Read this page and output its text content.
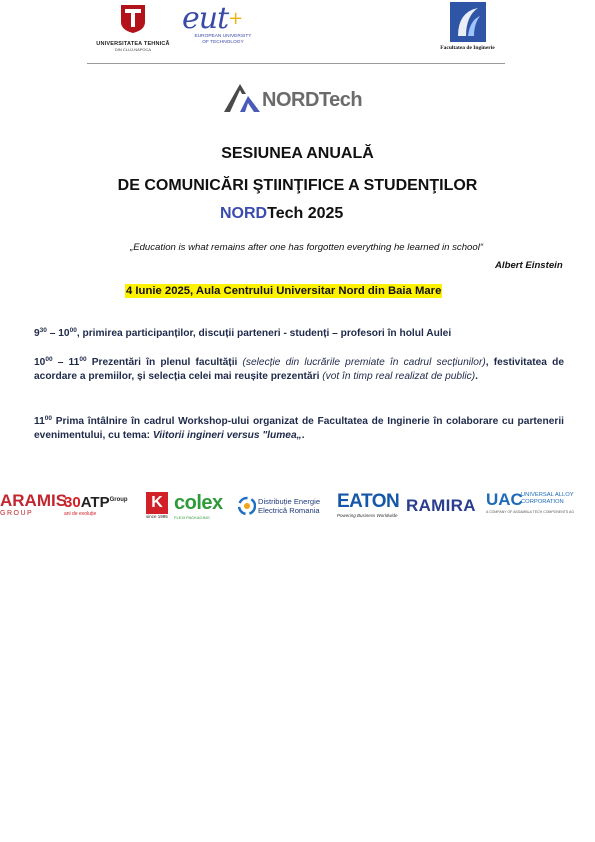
UNIVERSITATEA TEHNICĂ
DIN CLUJ-NAPOCA
eut+
EUROPEAN UNIVERSITY
OF TECHNOLOGY
Facultatea de Inginerie
NORDTech
SESIUNEA ANUALĂ
DE COMUNICĂRI ŞTIINŢIFICE A STUDENŢILOR
NORDTech 2025
„Education is what remains after one has forgotten everything he learned in school“
Albert Einstein
4 Iunie 2025, Aula Centrului Universitar Nord din Baia Mare
$9^{30} - 10^{00}$, primirea participanților, discuții parteneri - studenți – profesori în holul Aulei
$10^{00} - 11^{00}$ Prezentări în plenul facultății (selecție din lucrările premiate în cadrul secțiunilor), festivitatea de acordare a premiilor, și selecția celei mai reușite prezentări (vot în timp real realizat de public).
$11^{00}$ Prima întâlnire în cadrul Workshop-ului organizat de Facultatea de Inginerie în colaborare cu partenerii evenimentului, cu tema: Viitorii ingineri versus "lumea„.
ARAMIS
GROUP
$30ATP^{Group}$
ani de evoluție
K
since 1995
colex
FLEXI PACKAGING
Distribuție Energie
Electrică Romania EATON
Powering Business Worldwide
RAMIRA UAC
UNIVERSAL ALLOY
CORPORATION
A COMPANY OF ASSAMBLA TECH COMPONENTS AG
